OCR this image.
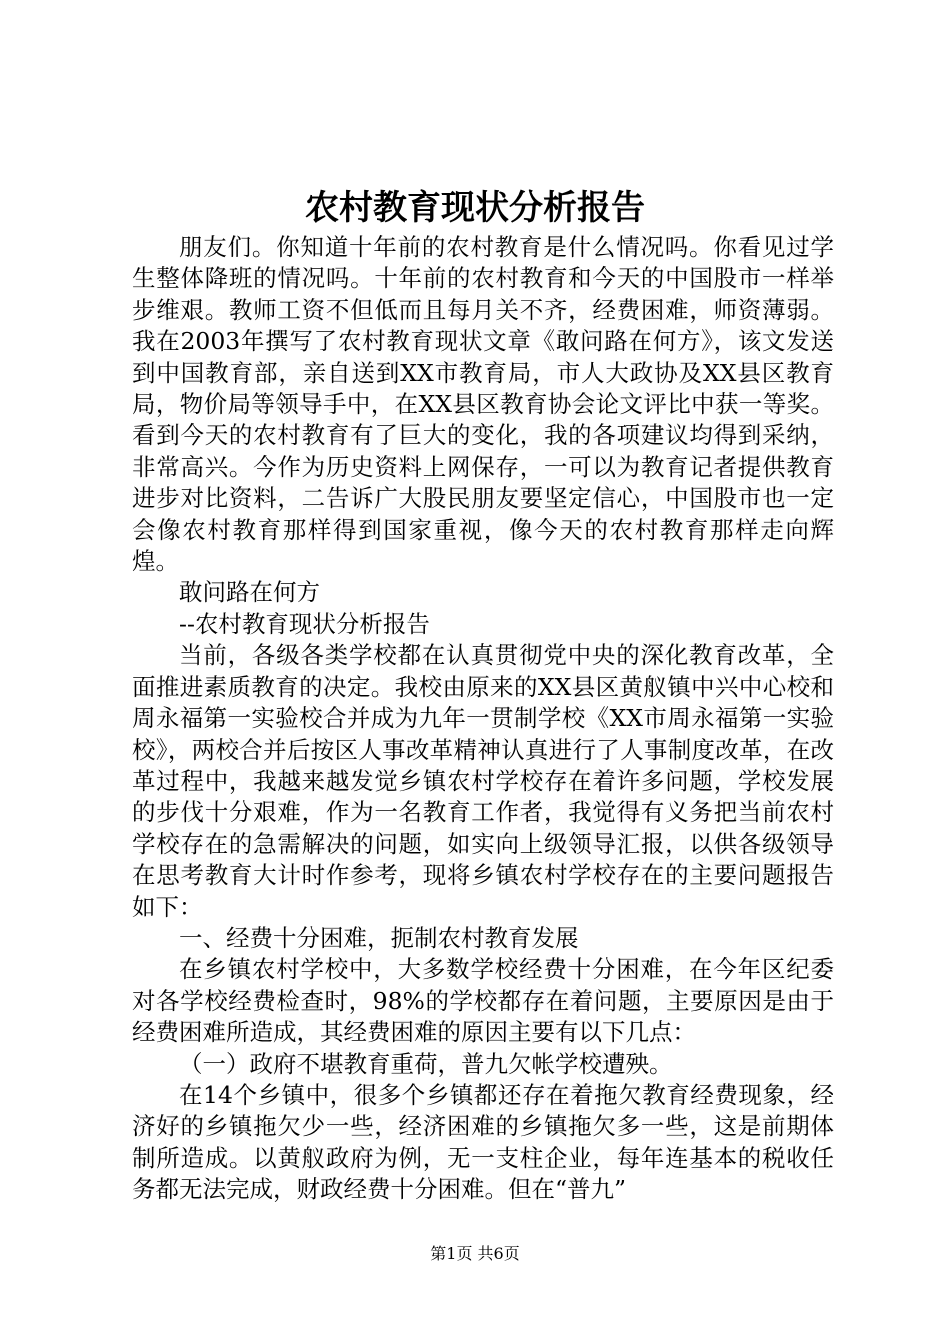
农村教育现状分析报告

朋友们。你知道十年前的农村教育是什么情况吗。你看见过学生整体降班的情况吗。十年前的农村教育和今天的中国股市一样举步维艰。教师工资不但低而且每月关不齐，经费困难，师资薄弱。我在2003年撰写了农村教育现状文章《敢问路在何方》，该文发送到中国教育部，亲自送到XX市教育局，市人大政协及XX县区教育局，物价局等领导手中，在XX县区教育协会论文评比中获一等奖。看到今天的农村教育有了巨大的变化，我的各项建议均得到采纳，非常高兴。今作为历史资料上网保存，一可以为教育记者提供教育进步对比资料，二告诉广大股民朋友要坚定信心，中国股市也一定会像农村教育那样得到国家重视，像今天的农村教育那样走向辉煌。

敢问路在何方

--农村教育现状分析报告

当前，各级各类学校都在认真贯彻党中央的深化教育改革，全面推进素质教育的决定。我校由原来的XX县区黄舣镇中兴中心校和周永福第一实验校合并成为九年一贯制学校《XX市周永福第一实验校》，两校合并后按区人事改革精神认真进行了人事制度改革，在改革过程中，我越来越发觉乡镇农村学校存在着许多问题，学校发展的步伐十分艰难，作为一名教育工作者，我觉得有义务把当前农村学校存在的急需解决的问题，如实向上级领导汇报，以供各级领导在思考教育大计时作参考，现将乡镇农村学校存在的主要问题报告如下：

一、经费十分困难，扼制农村教育发展

在乡镇农村学校中，大多数学校经费十分困难，在今年区纪委对各学校经费检查时，98%的学校都存在着问题，主要原因是由于经费困难所造成，其经费困难的原因主要有以下几点：

（一）政府不堪教育重荷，普九欠帐学校遭殃。

在14个乡镇中，很多个乡镇都还存在着拖欠教育经费现象，经济好的乡镇拖欠少一些，经济困难的乡镇拖欠多一些，这是前期体制所造成。以黄舣政府为例，无一支柱企业，每年连基本的税收任务都无法完成，财政经费十分困难。但在“普九”

第1页 共6页
